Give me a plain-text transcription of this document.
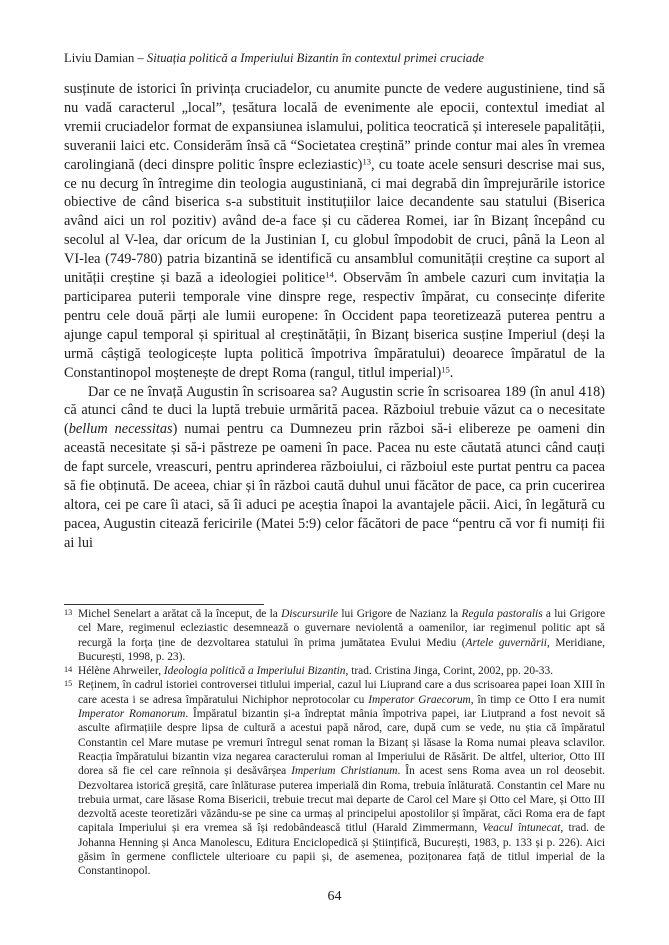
Liviu Damian – Situația politică a Imperiului Bizantin în contextul primei cruciade

susținute de istorici în privința cruciadelor, cu anumite puncte de vedere augustiniene, tind să nu vadă caracterul „local”, țesătura locală de evenimente ale epocii, contextul imediat al vremii cruciadelor format de expansiunea islamului, politica teocratică și interesele papalității, suveranii laici etc. Considerăm însă că “Societatea creștină” prinde contur mai ales în vremea carolingiană (deci dinspre politic înspre ecleziastic)$^{13}$, cu toate acele sensuri descrise mai sus, ce nu decurg în întregime din teologia augustiniană, ci mai degrabă din împrejurările istorice obiective de când biserica s-a substituit instituțiilor laice decandente sau statului (Biserica având aici un rol pozitiv) având de-a face și cu căderea Romei, iar în Bizanț începând cu secolul al V-lea, dar oricum de la Justinian I, cu globul împodobit de cruci, până la Leon al VI-lea (749-780) patria bizantină se identifică cu ansamblul comunității creștine ca suport al unității creștine și bază a ideologiei politice$^{14}$. Observăm în ambele cazuri cum invitația la participarea puterii temporale vine dinspre rege, respectiv împărat, cu consecințe diferite pentru cele două părți ale lumii europene: în Occident papa teoretizează puterea pentru a ajunge capul temporal și spiritual al creștinătății, în Bizanț biserica susține Imperiul (deși la urmă câștigă teologicește lupta politică împotriva împăratului) deoarece împăratul de la Constantinopol moștenește de drept Roma (rangul, titlul imperial)$^{15}$.

Dar ce ne învață Augustin în scrisoarea sa? Augustin scrie în scrisoarea 189 (în anul 418) că atunci când te duci la luptă trebuie urmărită pacea. Războiul trebuie văzut ca o necesitate (bellum necessitas) numai pentru ca Dumnezeu prin război să-i elibereze pe oameni din această necesitate și să-i păstreze pe oameni în pace. Pacea nu este căutată atunci când cauți de fapt surcele, vreascuri, pentru aprinderea războiului, ci războiul este purtat pentru ca pacea să fie obținută. De aceea, chiar și în război caută duhul unui făcător de pace, ca prin cucerirea altora, cei pe care îi ataci, să îi aduci pe aceștia înapoi la avantajele păcii. Aici, în legătură cu pacea, Augustin citează fericirile (Matei 5:9) celor făcători de pace “pentru că vor fi numiți fii ai lui

13 Michel Senelart a arătat că la început, de la Discursurile lui Grigore de Nazianz la Regula pastoralis a lui Grigore cel Mare, regimenul ecleziastic desemnează o guvernare neviolentă a oamenilor, iar regimenul politic apt să recurgă la forța ține de dezvoltarea statului în prima jumătatea Evului Mediu (Artele guvernării, Meridiane, București, 1998, p. 23).
14 Hélène Ahrweiler, Ideologia politică a Imperiului Bizantin, trad. Cristina Jinga, Corint, 2002, pp. 20-33.
15 Reținem, în cadrul istoriei controversei titlului imperial, cazul lui Liuprand care a dus scrisoarea papei Ioan XIII în care acesta i se adresa împăratului Nichiphor neprotocolar cu Imperator Graecorum, în timp ce Otto I era numit Imperator Romanorum. Împăratul bizantin și-a îndreptat mânia împotriva papei, iar Liutprand a fost nevoit să asculte afirmațiile despre lipsa de cultură a acestui papă nărod, care, după cum se vede, nu știa că împăratul Constantin cel Mare mutase pe vremuri întregul senat roman la Bizanț și lăsase la Roma numai pleava sclavilor. Reacția împăratului bizantin viza negarea caracterului roman al Imperiului de Răsărit. De altfel, ulterior, Otto III dorea să fie cel care reînnoia și desăvârșea Imperium Christianum. În acest sens Roma avea un rol deosebit. Dezvoltarea istorică greșită, care înlăturase puterea imperială din Roma, trebuia înlăturată. Constantin cel Mare nu trebuia urmat, care lăsase Roma Bisericii, trebuie trecut mai departe de Carol cel Mare și Otto cel Mare, și Otto III dezvoltă aceste teoretizări văzându-se pe sine ca urmaș al principelui apostolilor și împărat, căci Roma era de fapt capitala Imperiului și era vremea să își redobândească titlul (Harald Zimmermann, Veacul întunecat, trad. de Johanna Henning și Anca Manolescu, Editura Enciclopedică și Științifică, București, 1983, p. 133 și p. 226). Aici găsim în germene conflictele ulterioare cu papii și, de asemenea, pozițonarea față de titlul imperial de la Constantinopol.
64
